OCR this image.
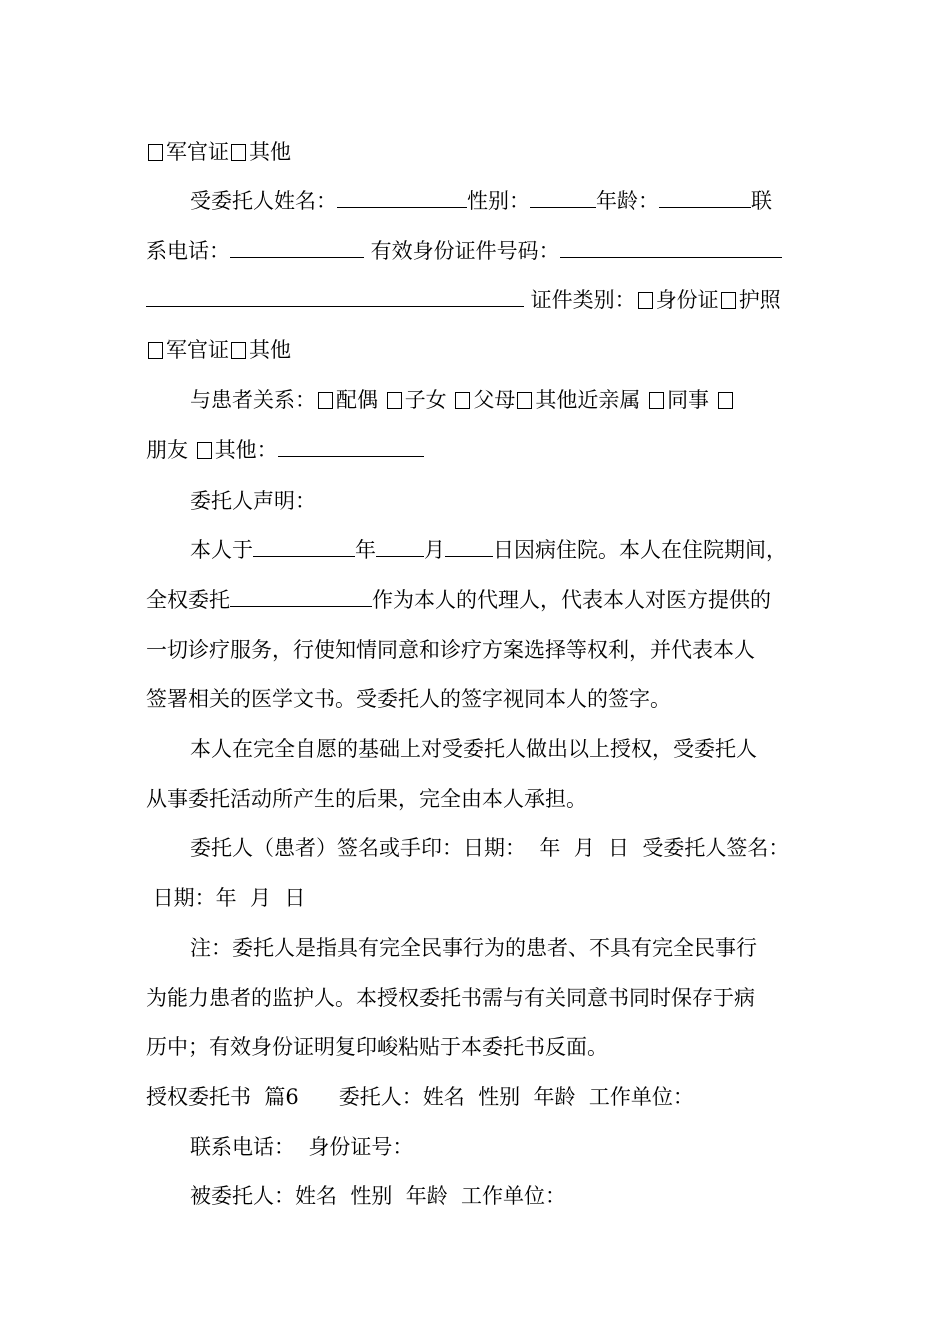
军官证 其他
受委托人姓名：	性别：	年龄：	联
系电话：	有效身份证件号码：
证件类别： 身份证 护照
军官证 其他
与患者关系： 配偶 子女 父母 其他近亲属 同事
朋友 其他：
委托人声明：
本人于	年 月 日因病住院。本人在住院期间，
全权委托	作为本人的代理人，代表本人对医方提供的
一切诊疗服务，行使知情同意和诊疗方案选择等权利，并代表本人
签署相关的医学文书。受委托人的签字视同本人的签字。
本人在完全自愿的基础上对受委托人做出以上授权，受委托人
从事委托活动所产生的后果，完全由本人承担。
委托人（患者）签名或手印：日期：  年  月  日  受委托人签名：
日期：年  月  日
注：委托人是指具有完全民事行为的患者、不具有完全民事行
为能力患者的监护人。本授权委托书需与有关同意书同时保存于病
历中；有效身份证明复印峻粘贴于本委托书反面。
授权委托书  篇6      委托人：姓名  性别  年龄  工作单位：
联系电话：  身份证号：
被委托人：姓名  性别  年龄  工作单位：
